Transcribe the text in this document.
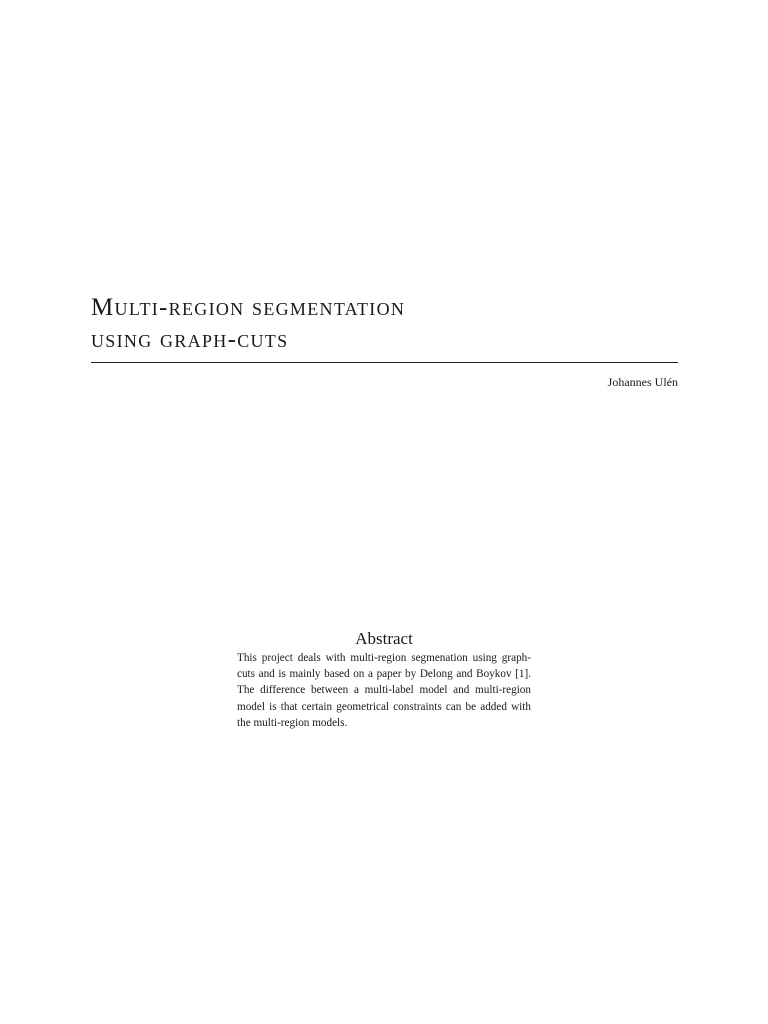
Multi-region segmentation
using graph-cuts
Johannes Ulén
Abstract

This project deals with multi-region segmenation using graph-cuts and is mainly based on a paper by Delong and Boykov [1]. The difference between a multi-label model and multi-region model is that certain geometrical constraints can be added with the multi-region models.
